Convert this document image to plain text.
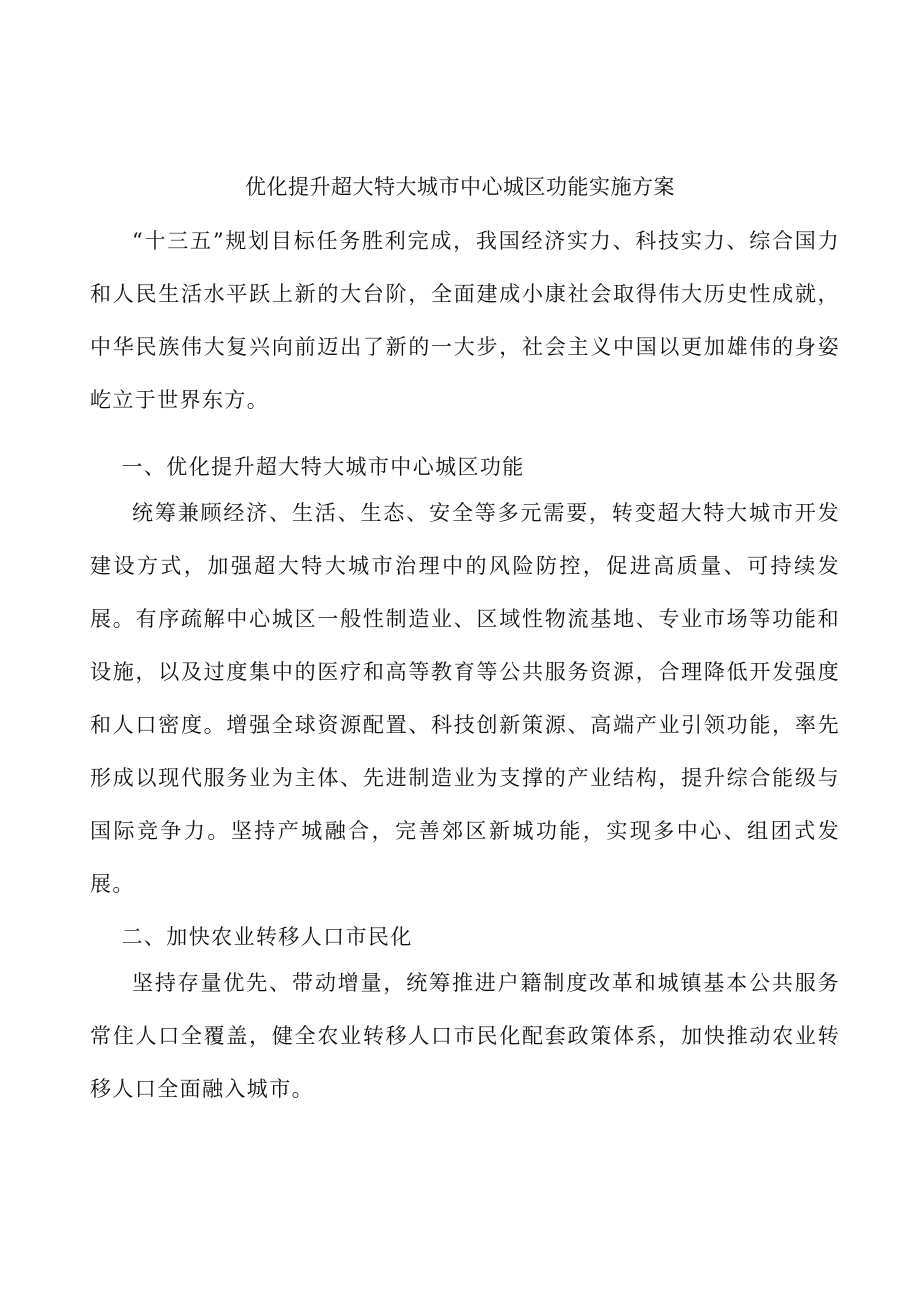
优化提升超大特大城市中心城区功能实施方案

“十三五”规划目标任务胜利完成，我国经济实力、科技实力、综合国力和人民生活水平跃上新的大台阶，全面建成小康社会取得伟大历史性成就，中华民族伟大复兴向前迈出了新的一大步，社会主义中国以更加雄伟的身姿屹立于世界东方。

一、优化提升超大特大城市中心城区功能

统筹兼顾经济、生活、生态、安全等多元需要，转变超大特大城市开发建设方式，加强超大特大城市治理中的风险防控，促进高质量、可持续发展。有序疏解中心城区一般性制造业、区域性物流基地、专业市场等功能和设施，以及过度集中的医疗和高等教育等公共服务资源，合理降低开发强度和人口密度。增强全球资源配置、科技创新策源、高端产业引领功能，率先形成以现代服务业为主体、先进制造业为支撑的产业结构，提升综合能级与国际竞争力。坚持产城融合，完善郊区新城功能，实现多中心、组团式发展。

二、加快农业转移人口市民化

坚持存量优先、带动增量，统筹推进户籍制度改革和城镇基本公共服务常住人口全覆盖，健全农业转移人口市民化配套政策体系，加快推动农业转移人口全面融入城市。
